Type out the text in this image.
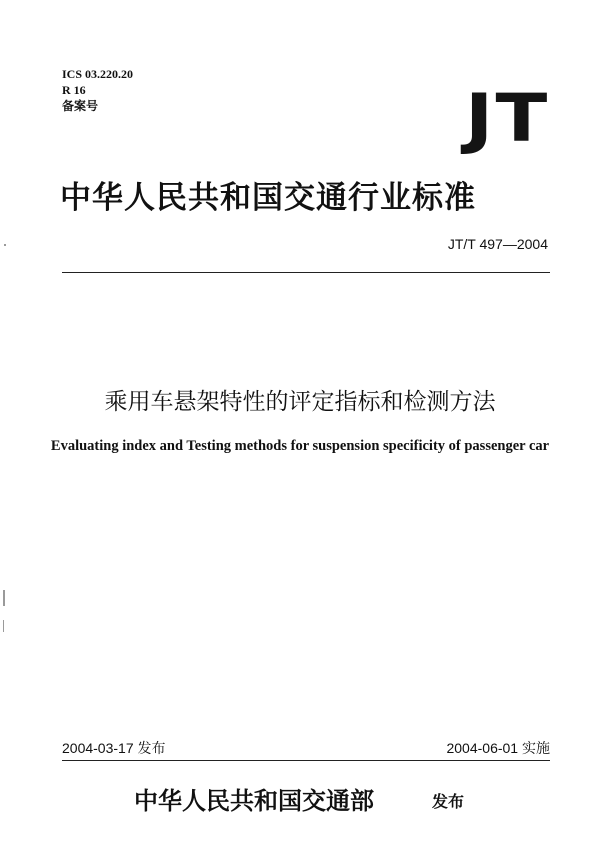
ICS 03.220.20
R 16
备案号	JT
中华人民共和国交通行业标准
JT/T 497—2004
乘用车悬架特性的评定指标和检测方法
Evaluating index and Testing methods for suspension specificity of passenger car
2004-03-17 发布	2004-06-01 实施
中华人民共和国交通部	发布
